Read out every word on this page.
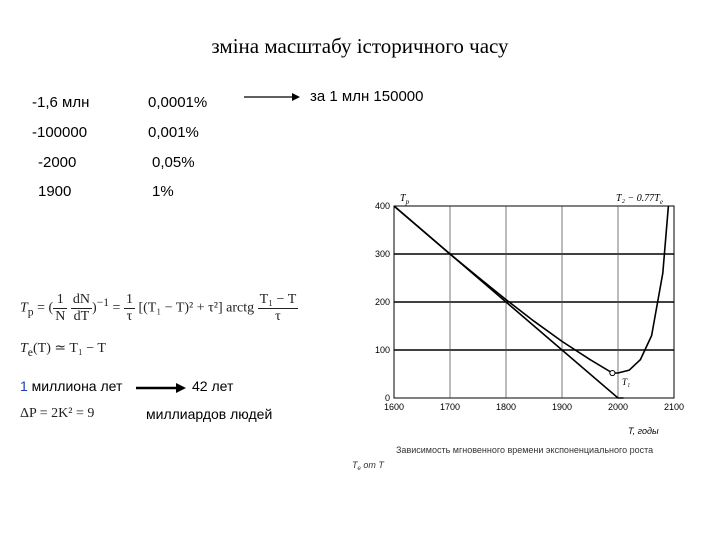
зміна масштабу історичного часу
-1,6 млн	0,0001%
-100000	0,001%
-2000	0,05%
1900	1%
за 1 млн 150000
$T_p$ = ( $\frac{1}{N}$
$\frac{dN}{dT} )^{-1} = \frac{1}{\tau} [(T_1 - T)^2 + \tau^2]$ arctg $\frac{\text{T₁ − T}}{\tau}$
$T_e(T)$ ≃ T₁ − T
1 миллиона лет	42 лет
ΔP = 2K² = 9	миллиардов людей
400
300
200
100
0
1600	1700	1800	1900	2000	2100
$T_p$	$T_2 - 0.77T_e$
T₁
T, годы
Зависимость мгновенного времени экспоненциального роста
$T_e$ от T
